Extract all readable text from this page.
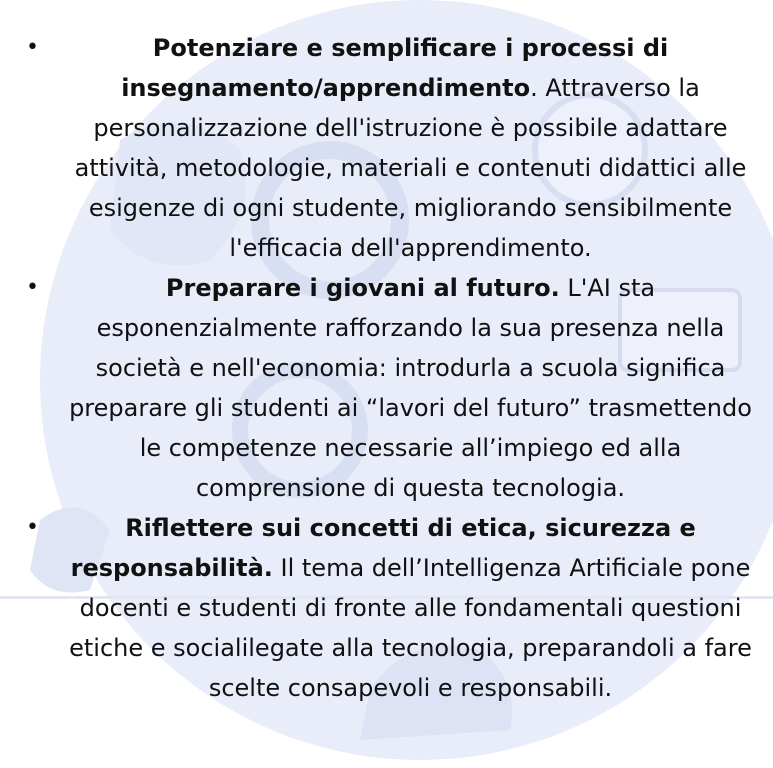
•	Potenziare e semplificare i processi di insegnamento/apprendimento. Attraverso la personalizzazione dell'istruzione è possibile adattare attività, metodologie, materiali e contenuti didattici alle esigenze di ogni studente, migliorando sensibilmente l'efficacia dell'apprendimento.

•	Preparare i giovani al futuro. L'AI sta esponenzialmente rafforzando la sua presenza nella società e nell'economia: introdurla a scuola significa preparare gli studenti ai “lavori del futuro” trasmettendo le competenze necessarie all’impiego ed alla comprensione di questa tecnologia.

•	Riflettere sui concetti di etica, sicurezza e responsabilità. Il tema dell’Intelligenza Artificiale pone docenti e studenti di fronte alle fondamentali questioni etiche e socialilegate alla tecnologia, preparandoli a fare scelte consapevoli e responsabili.
